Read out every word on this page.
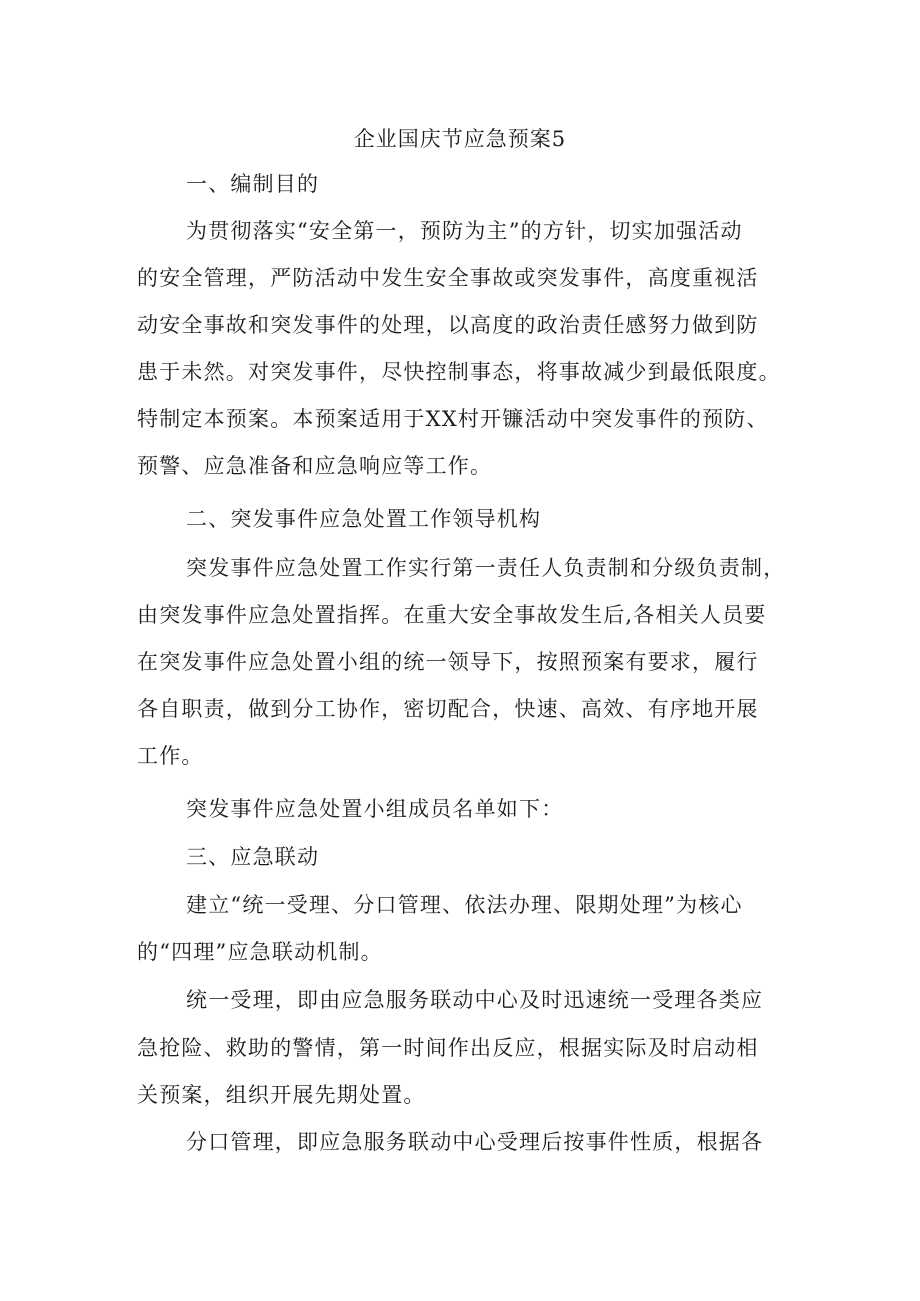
企业国庆节应急预案5
一、编制目的
为贯彻落实“安全第一，预防为主”的方针，切实加强活动
的安全管理，严防活动中发生安全事故或突发事件，高度重视活
动安全事故和突发事件的处理，以高度的政治责任感努力做到防
患于未然。对突发事件，尽快控制事态，将事故减少到最低限度。
特制定本预案。本预案适用于XX村开镰活动中突发事件的预防、
预警、应急准备和应急响应等工作。
二、突发事件应急处置工作领导机构
突发事件应急处置工作实行第一责任人负责制和分级负责制，
由突发事件应急处置指挥。在重大安全事故发生后,各相关人员要
在突发事件应急处置小组的统一领导下，按照预案有要求，履行
各自职责，做到分工协作，密切配合，快速、高效、有序地开展
工作。
突发事件应急处置小组成员名单如下：
三、应急联动
建立“统一受理、分口管理、依法办理、限期处理”为核心
的“四理”应急联动机制。
统一受理，即由应急服务联动中心及时迅速统一受理各类应
急抢险、救助的警情，第一时间作出反应，根据实际及时启动相
关预案，组织开展先期处置。
分口管理，即应急服务联动中心受理后按事件性质，根据各
